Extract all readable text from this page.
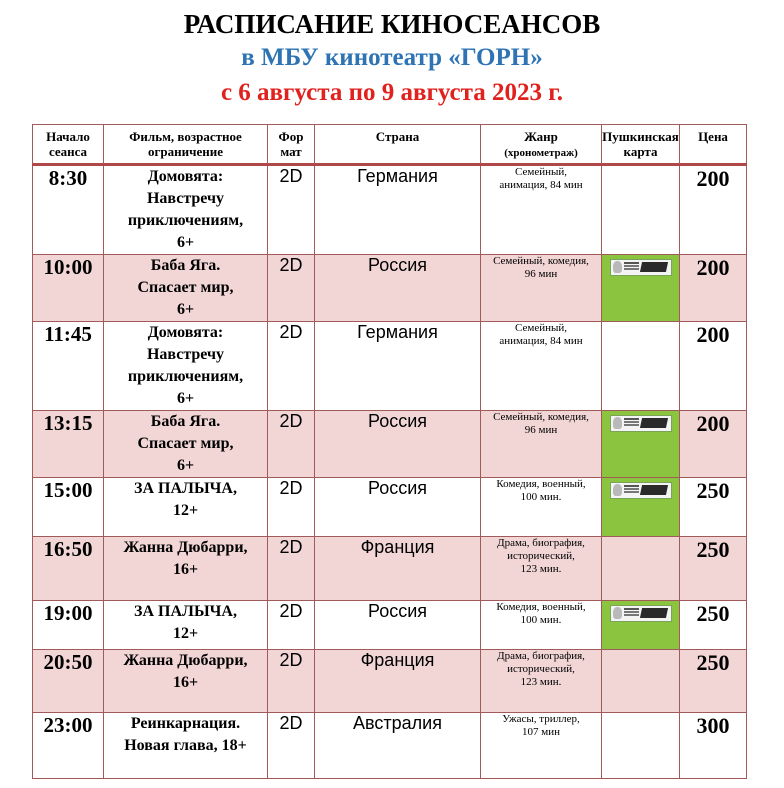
РАСПИСАНИЕ КИНОСЕАНСОВ
в МБУ кинотеатр «ГОРН»
с 6 августа по 9 августа 2023 г.
Начало
сеанса	Фильм, возрастное
ограничение	Фор
мат	Страна	Жанр
(хронометраж)	Пушкинская
карта	Цена
8:30	Домовята:
Навстречу
приключениям,
6+	2D	Германия	Семейный,
анимация, 84 мин		200
10:00	Баба Яга.
Спасает мир,
6+	2D	Россия	Семейный, комедия,
96 мин		200
11:45	Домовята:
Навстречу
приключениям,
6+	2D	Германия	Семейный,
анимация, 84 мин		200
13:15	Баба Яга.
Спасает мир,
6+	2D	Россия	Семейный, комедия,
96 мин		200
15:00	ЗА ПАЛЫЧА,
12+	2D	Россия	Комедия, военный,
100 мин.		250
16:50	Жанна Дюбарри,
16+	2D	Франция	Драма, биография,
исторический,
123 мин.		250
19:00	ЗА ПАЛЫЧА,
12+	2D	Россия	Комедия, военный,
100 мин.		250
20:50	Жанна Дюбарри,
16+	2D	Франция	Драма, биография,
исторический,
123 мин.		250
23:00	Реинкарнация.
Новая глава, 18+	2D	Австралия	Ужасы, триллер,
107 мин		300
